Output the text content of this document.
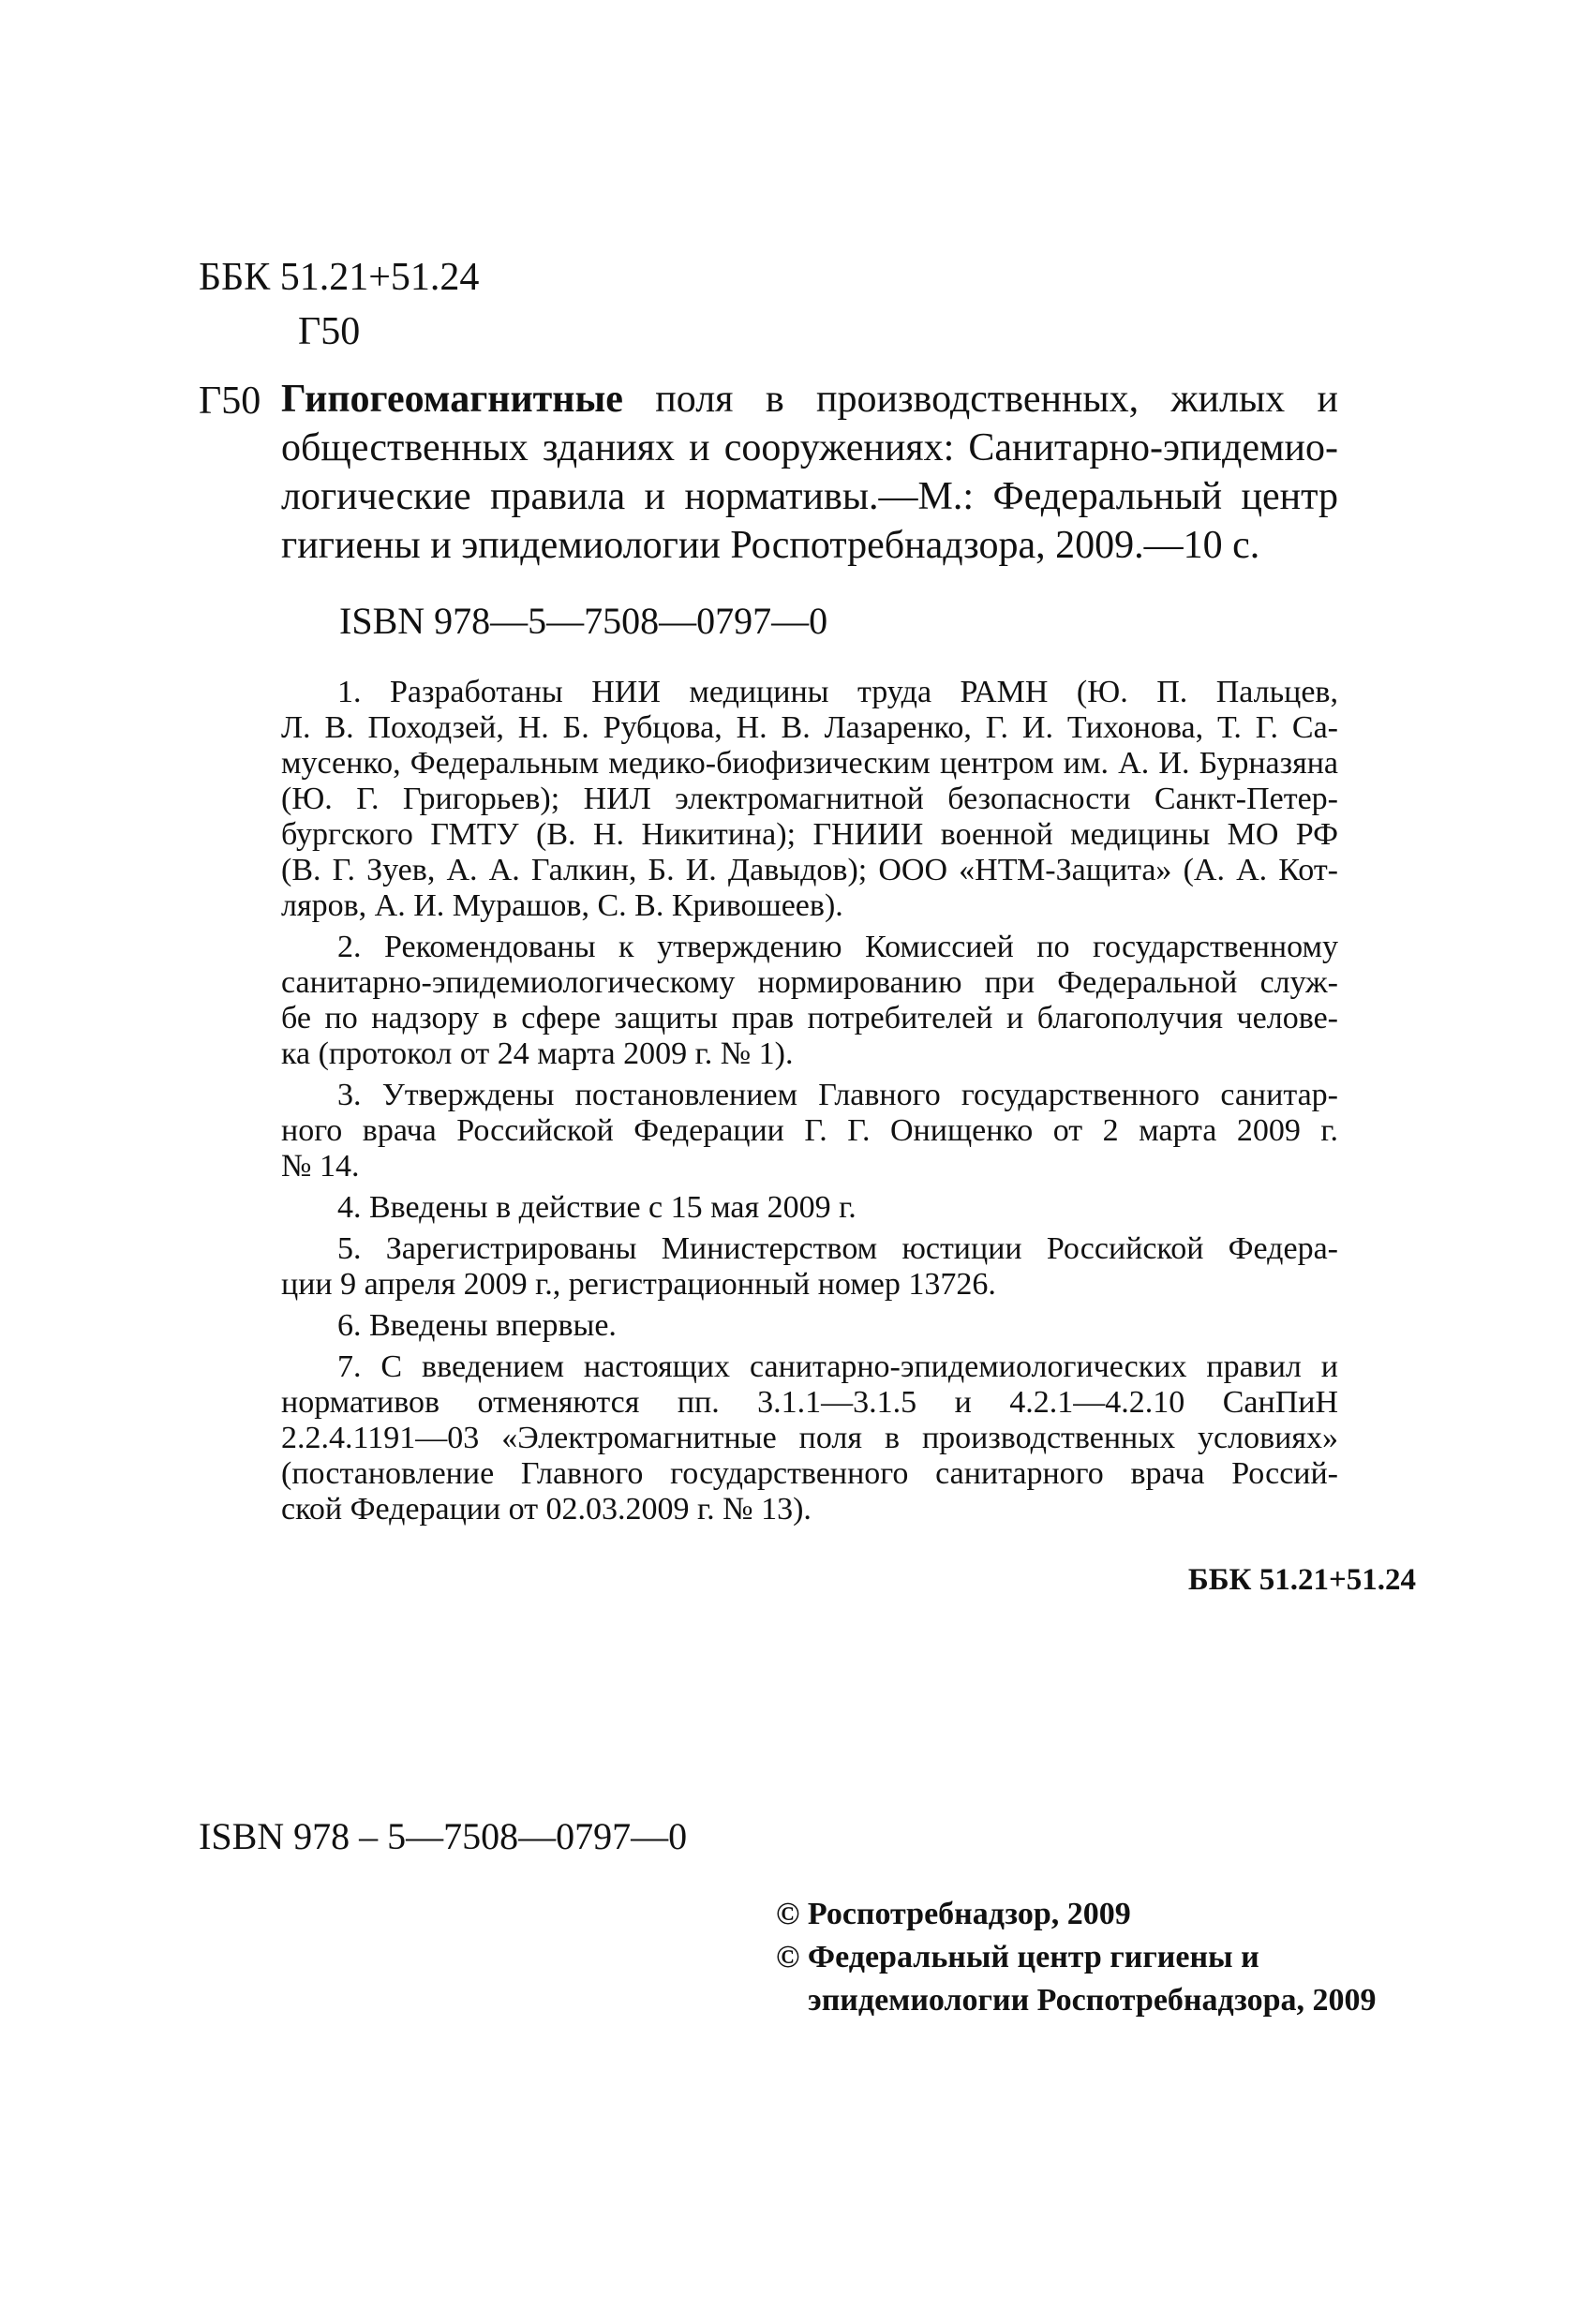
ББК 51.21+51.24
Г50
Г50 Гипогеомагнитные поля в производственных, жилых и
общественных зданиях и сооружениях: Санитарно-эпидемио-
логические правила и нормативы.—М.: Федеральный центр
гигиены и эпидемиологии Роспотребнадзора, 2009.—10 с.
ISBN 978—5—7508—0797—0
1. Разработаны НИИ медицины труда РАМН (Ю. П. Пальцев,
Л. В. Походзей, Н. Б. Рубцова, Н. В. Лазаренко, Г. И. Тихонова, Т. Г. Са-
мусенко, Федеральным медико-биофизическим центром им. А. И. Бурназяна
(Ю. Г. Григорьев); НИЛ электромагнитной безопасности Санкт-Петер-
бургского ГМТУ (В. Н. Никитина); ГНИИИ военной медицины МО РФ
(В. Г. Зуев, А. А. Галкин, Б. И. Давыдов); ООО «НТМ-Защита» (А. А. Кот-
ляров, А. И. Мурашов, С. В. Кривошеев).
2. Рекомендованы к утверждению Комиссией по государственному
санитарно-эпидемиологическому нормированию при Федеральной служ-
бе по надзору в сфере защиты прав потребителей и благополучия челове-
ка (протокол от 24 марта 2009 г. № 1).
3. Утверждены постановлением Главного государственного санитар-
ного врача Российской Федерации Г. Г. Онищенко от 2 марта 2009 г.
№ 14.
4. Введены в действие с 15 мая 2009 г.
5. Зарегистрированы Министерством юстиции Российской Федера-
ции 9 апреля 2009 г., регистрационный номер 13726.
6. Введены впервые.
7. С введением настоящих санитарно-эпидемиологических правил и
нормативов отменяются пп. 3.1.1—3.1.5 и 4.2.1—4.2.10 СанПиН
2.2.4.1191—03 «Электромагнитные поля в производственных условиях»
(постановление Главного государственного санитарного врача Россий-
ской Федерации от 02.03.2009 г. № 13).
ББК 51.21+51.24
ISBN 978 – 5—7508—0797—0
© Роспотребнадзор, 2009
© Федеральный центр гигиены и
эпидемиологии Роспотребнадзора, 2009
